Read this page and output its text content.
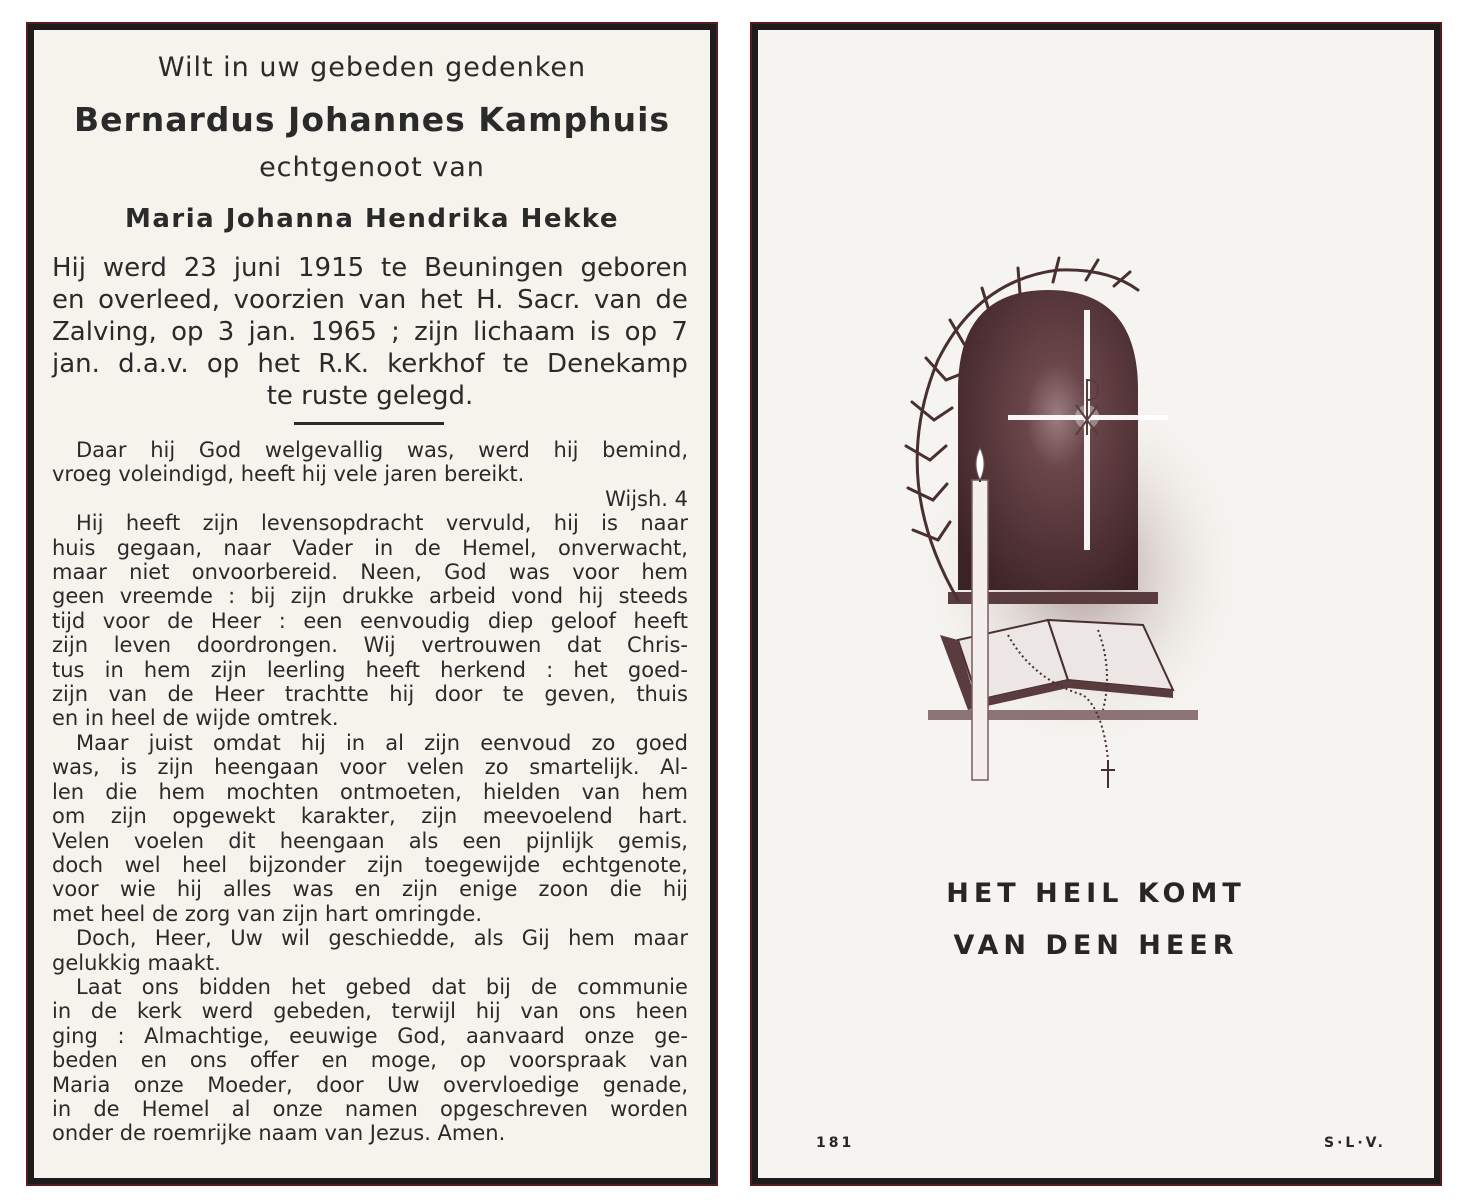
Wilt in uw gebeden gedenken
Bernardus Johannes Kamphuis
echtgenoot van
Maria Johanna Hendrika Hekke
Hij werd 23 juni 1915 te Beuningen geboren
en overleed, voorzien van het H. Sacr. van de
Zalving, op 3 jan. 1965 ; zijn lichaam is op 7
jan. d.a.v. op het R.K. kerkhof te Denekamp
te ruste gelegd.
Daar hij God welgevallig was, werd hij bemind,
vroeg voleindigd, heeft hij vele jaren bereikt.
Wijsh. 4
Hij heeft zijn levensopdracht vervuld, hij is naar
huis gegaan, naar Vader in de Hemel, onverwacht,
maar niet onvoorbereid. Neen, God was voor hem
geen vreemde : bij zijn drukke arbeid vond hij steeds
tijd voor de Heer : een eenvoudig diep geloof heeft
zijn leven doordrongen. Wij vertrouwen dat Chris-
tus in hem zijn leerling heeft herkend : het goed-
zijn van de Heer trachtte hij door te geven, thuis
en in heel de wijde omtrek.
Maar juist omdat hij in al zijn eenvoud zo goed
was, is zijn heengaan voor velen zo smartelijk. Al-
len die hem mochten ontmoeten, hielden van hem
om zijn opgewekt karakter, zijn meevoelend hart.
Velen voelen dit heengaan als een pijnlijk gemis,
doch wel heel bijzonder zijn toegewijde echtgenote,
voor wie hij alles was en zijn enige zoon die hij
met heel de zorg van zijn hart omringde.
Doch, Heer, Uw wil geschiedde, als Gij hem maar
gelukkig maakt.
Laat ons bidden het gebed dat bij de communie
in de kerk werd gebeden, terwijl hij van ons heen
ging : Almachtige, eeuwige God, aanvaard onze ge-
beden en ons offer en moge, op voorspraak van
Maria onze Moeder, door Uw overvloedige genade,
in de Hemel al onze namen opgeschreven worden
onder de roemrijke naam van Jezus. Amen.
HET HEIL KOMT
VAN DEN HEER
181	S·L·V.
